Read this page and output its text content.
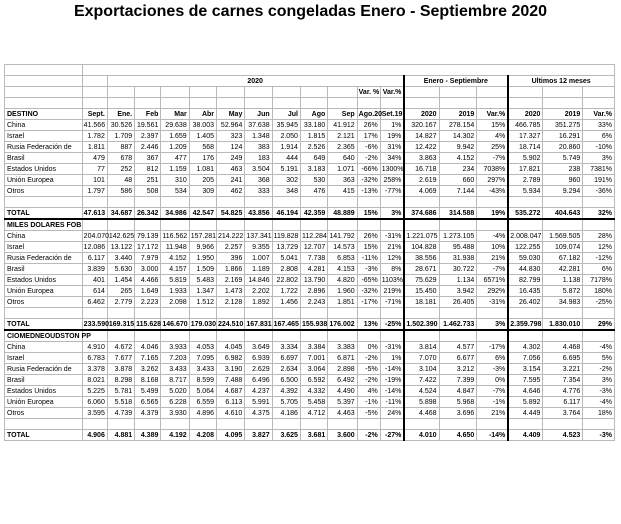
Exportaciones de carnes congeladas Enero - Septiembre 2020

		2020											Enero - Septiembre			Ultimos 12 meses		
											Var. %	Var.%						

DESTINO	Sept.	Ene.	Feb	Mar	Abr	May	Jun	Jul	Ago	Sep	Ago.20	Set.19	2020	2019	Var.%	2020	2019	Var.%
China	41.566	30.526	19.561	29.638	38.003	52.964	37.638	35.945	33.180	41.912	26%	1%	320.167	278.154	15%	466.785	351.275	33%
Israel	1.782	1.709	2.397	1.659	1.405	323	1.348	2.050	1.815	2.121	17%	19%	14.827	14.302	4%	17.327	16.291	6%
Rusia Federación de	1.811	887	2.446	1.209	568	124	383	1.914	2.526	2.365	-6%	31%	12.422	9.942	25%	18.714	20.860	-10%
Brasil	479	678	367	477	176	249	183	444	649	640	-2%	34%	3.863	4.152	-7%	5.902	5.749	3%
Estados Unidos	77	252	812	1.159	1.081	463	3.504	5.191	3.183	1.071	-66%	1300%	16.718	234	7038%	17.821	238	7381%
Unión Europea	101	48	251	310	205	241	368	302	530	363	-32%	258%	2.619	660	297%	2.789	960	191%
Otros	1.797	586	508	534	309	462	333	348	476	415	-13%	-77%	4.069	7.144	-43%	5.934	9.294	-36%

TOTAL	47.613	34.687	26.342	34.986	42.547	54.825	43.856	46.194	42.359	48.889	15%	3%	374.686	314.588	19%	535.272	404.643	32%
MILES DOLARES FOB																		
China	204.070	142.625	79.139	116.562	157.281	214.222	137.341	119.828	112.284	141.792	26%	-31%	1.221.075	1.273.105	-4%	2.008.047	1.569.505	28%
Israel	12.086	13.122	17.172	11.948	9.966	2.257	9.355	13.729	12.707	14.573	15%	21%	104.828	95.488	10%	122.255	109.074	12%
Rusia Federación de	6.117	3.440	7.979	4.152	1.950	396	1.007	5.041	7.738	6.853	-11%	12%	38.556	31.938	21%	59.030	67.182	-12%
Brasil	3.839	5.630	3.000	4.157	1.509	1.866	1.189	2.808	4.281	4.153	-3%	8%	28.671	30.722	-7%	44.830	42.281	6%
Estados Unidos	401	1.454	4.466	5.819	5.483	2.169	14.846	22.802	13.790	4.820	-65%	1103%	75.629	1.134	6571%	82.799	1.138	7178%
Unión Europea	614	265	1.649	1.933	1.347	1.473	2.202	1.722	2.896	1.960	-32%	219%	15.450	3.942	292%	16.435	5.872	180%
Otros	6.462	2.779	2.223	2.098	1.512	2.128	1.892	1.456	2.243	1.851	-17%	-71%	18.181	26.405	-31%	26.402	34.983	-25%

TOTAL	233.590	169.315	115.628	146.670	179.030	224.510	167.831	167.465	155.938	176.002	13%	-25%	1.502.390	1.462.733	3%	2.359.798	1.830.010	29%
CIOMEDNEOUDSTON PP																		
China	4.910	4.672	4.046	3.933	4.053	4.045	3.649	3.334	3.384	3.383	0%	-31%	3.814	4.577	-17%	4.302	4.468	-4%
Israel	6.783	7.677	7.165	7.203	7.095	6.982	6.939	6.697	7.001	6.871	-2%	1%	7.070	6.677	6%	7.056	6.695	5%
Rusia Federación de	3.378	3.878	3.262	3.433	3.433	3.190	2.629	2.634	3.064	2.898	-5%	-14%	3.104	3.212	-3%	3.154	3.221	-2%
Brasil	8.021	8.298	8.168	8.717	8.599	7.488	6.496	6.500	6.592	6.492	-2%	-19%	7.422	7.399	0%	7.595	7.354	3%
Estados Unidos	5.225	5.781	5.499	5.020	5.064	4.687	4.237	4.392	4.332	4.490	4%	-14%	4.524	4.847	-7%	4.646	4.776	-3%
Unión Europea	6.060	5.518	6.565	6.228	6.559	6.113	5.991	5.705	5.458	5.397	-1%	-11%	5.898	5.968	-1%	5.892	6.117	-4%
Otros	3.595	4.739	4.379	3.930	4.896	4.610	4.375	4.186	4.712	4.463	-5%	24%	4.468	3.696	21%	4.449	3.764	18%

TOTAL	4.906	4.881	4.389	4.192	4.208	4.095	3.827	3.625	3.681	3.600	-2%	-27%	4.010	4.650	-14%	4.409	4.523	-3%
